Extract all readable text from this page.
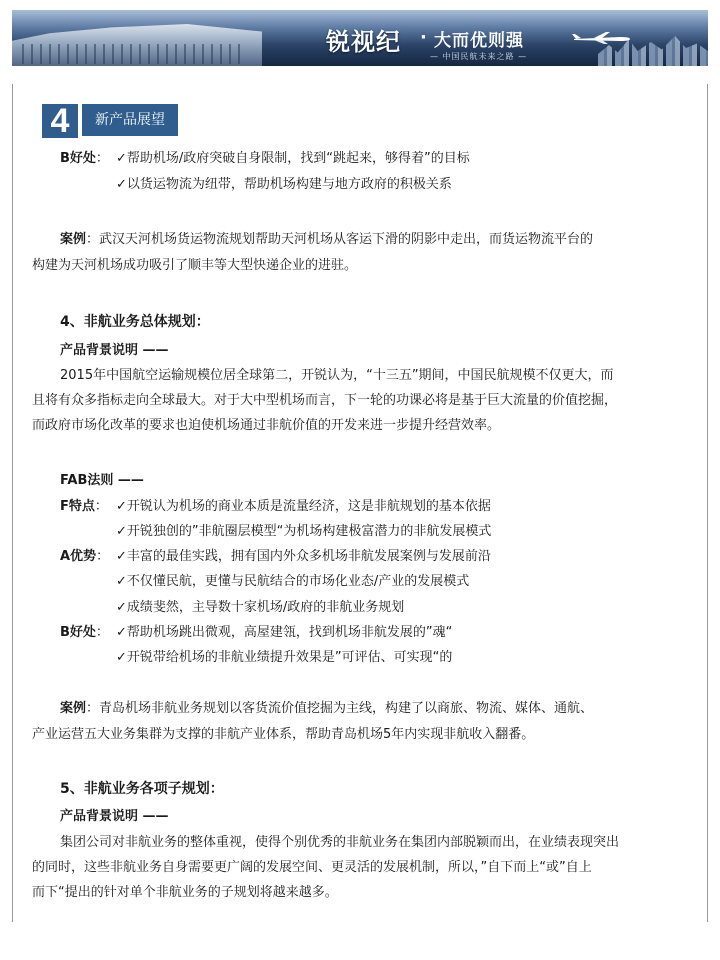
锐视纪 · 大而优则强
— 中国民航未来之路 —
4	新产品展望
B好处： ✓帮助机场/政府突破自身限制，找到“跳起来，够得着”的目标
✓以货运物流为纽带，帮助机场构建与地方政府的积极关系
案例：武汉天河机场货运物流规划帮助天河机场从客运下滑的阴影中走出，而货运物流平台的
构建为天河机场成功吸引了顺丰等大型快递企业的进驻。
4、非航业务总体规划：
产品背景说明 ——
2015年中国航空运输规模位居全球第二，开锐认为，“十三五”期间，中国民航规模不仅更大，而
且将有众多指标走向全球最大。对于大中型机场而言，下一轮的功课必将是基于巨大流量的价值挖掘，
而政府市场化改革的要求也迫使机场通过非航价值的开发来进一步提升经营效率。
FAB法则 ——
F特点： ✓开锐认为机场的商业本质是流量经济，这是非航规划的基本依据
✓开锐独创的”非航圈层模型“为机场构建极富潜力的非航发展模式
A优势： ✓丰富的最佳实践，拥有国内外众多机场非航发展案例与发展前沿
✓不仅懂民航，更懂与民航结合的市场化业态/产业的发展模式
✓成绩斐然，主导数十家机场/政府的非航业务规划
B好处： ✓帮助机场跳出微观，高屋建瓴，找到机场非航发展的”魂“
✓开锐带给机场的非航业绩提升效果是”可评估、可实现“的
案例：青岛机场非航业务规划以客货流价值挖掘为主线，构建了以商旅、物流、媒体、通航、
产业运营五大业务集群为支撑的非航产业体系，帮助青岛机场5年内实现非航收入翻番。
5、非航业务各项子规划：
产品背景说明 ——
集团公司对非航业务的整体重视，使得个别优秀的非航业务在集团内部脱颖而出，在业绩表现突出
的同时，这些非航业务自身需要更广阔的发展空间、更灵活的发展机制，所以，”自下而上“或”自上
而下“提出的针对单个非航业务的子规划将越来越多。
